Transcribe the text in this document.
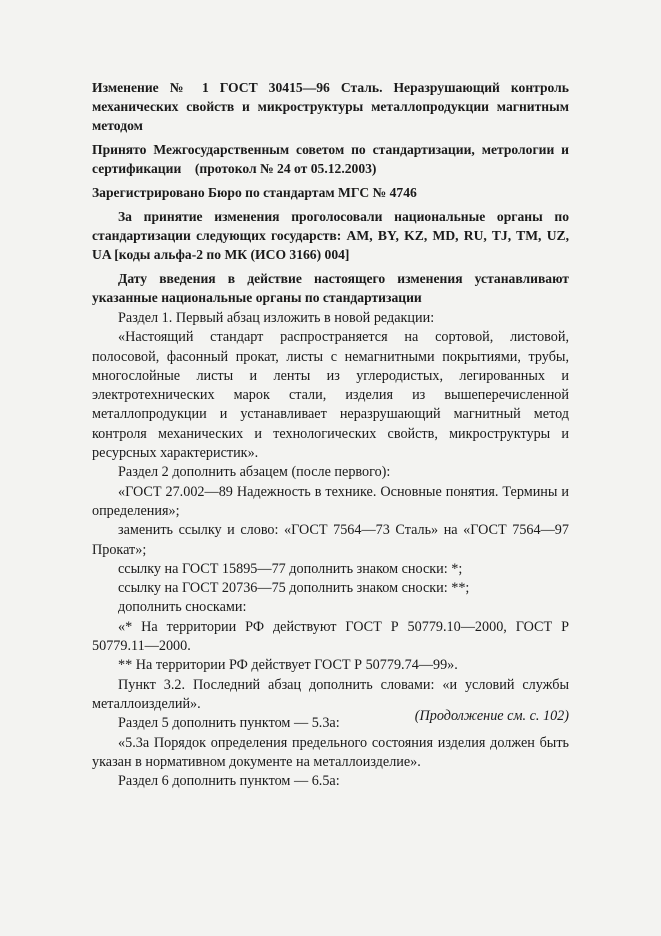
Изменение № 1 ГОСТ 30415—96 Сталь. Неразрушающий контроль механических свойств и микроструктуры металлопродукции магнитным методом

Принято Межгосударственным советом по стандартизации, метрологии и сертификации    (протокол № 24 от 05.12.2003)

Зарегистрировано Бюро по стандартам МГС № 4746

За принятие изменения проголосовали национальные органы по стандартизации следующих государств: AM, BY, KZ, MD, RU, TJ, TM, UZ, UA [коды альфа-2 по МК (ИСО 3166) 004]

Дату введения в действие настоящего изменения устанавливают указанные национальные органы по стандартизации

Раздел 1. Первый абзац изложить в новой редакции:

«Настоящий стандарт распространяется на сортовой, листовой, полосовой, фасонный прокат, листы с немагнитными покрытиями, трубы, многослойные листы и ленты из углеродистых, легированных и электротехнических марок стали, изделия из вышеперечисленной металлопродукции и устанавливает неразрушающий магнитный метод контроля механических и технологических свойств, микроструктуры и ресурсных характеристик».

Раздел 2 дополнить абзацем (после первого):

«ГОСТ 27.002—89 Надежность в технике. Основные понятия. Термины и определения»;

заменить ссылку и слово: «ГОСТ 7564—73 Сталь» на «ГОСТ 7564—97 Прокат»;

ссылку на ГОСТ 15895—77 дополнить знаком сноски: *;

ссылку на ГОСТ 20736—75 дополнить знаком сноски: **;

дополнить сносками:

«* На территории РФ действуют ГОСТ Р 50779.10—2000, ГОСТ Р 50779.11—2000.

** На территории РФ действует ГОСТ Р 50779.74—99».

Пункт 3.2. Последний абзац дополнить словами: «и условий службы металлоизделий».

Раздел 5 дополнить пунктом — 5.3а:

«5.3а Порядок определения предельного состояния изделия должен быть указан в нормативном документе на металлоизделие».

Раздел 6 дополнить пунктом — 6.5а:

(Продолжение см. с. 102)
